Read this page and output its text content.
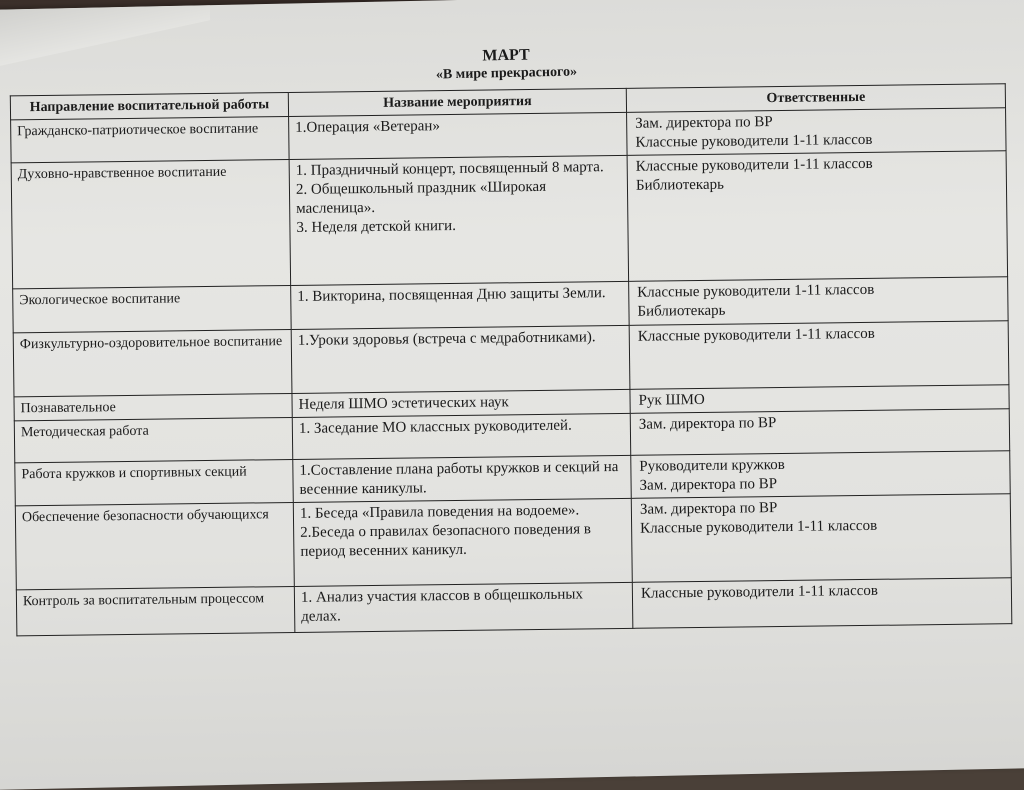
МАРТ
«В мире прекрасного»
Направление воспитательной работы	Название мероприятия	Ответственные
Гражданско-патриотическое воспитание	1.Операция «Ветеран»	Зам. директора по ВР
Классные руководители 1-11 классов

Духовно-нравственное воспитание	1. Праздничный концерт, посвященный 8 марта.
2. Общешкольный праздник «Широкая масленица».
3. Неделя детской книги.	Классные руководители 1-11 классов
Библиотекарь

Экологическое воспитание	1. Викторина, посвященная Дню защиты Земли.	Классные руководители 1-11 классов
Библиотекарь

Физкультурно-оздоровительное воспитание	1.Уроки здоровья (встреча с медработниками).	Классные руководители 1-11 классов

Познавательное	Неделя ШМО эстетических наук	Рук ШМО

Методическая работа	1. Заседание МО классных руководителей.	Зам. директора по ВР

Работа кружков и спортивных секций	1.Составление плана работы кружков и секций на весенние каникулы.	Руководители кружков
Зам. директора по ВР

Обеспечение безопасности обучающихся	1. Беседа «Правила поведения на водоеме».
2.Беседа о правилах безопасного поведения в период весенних каникул.	Зам. директора по ВР
Классные руководители 1-11 классов

Контроль за воспитательным процессом	1. Анализ участия классов в общешкольных делах.	Классные руководители 1-11 классов
